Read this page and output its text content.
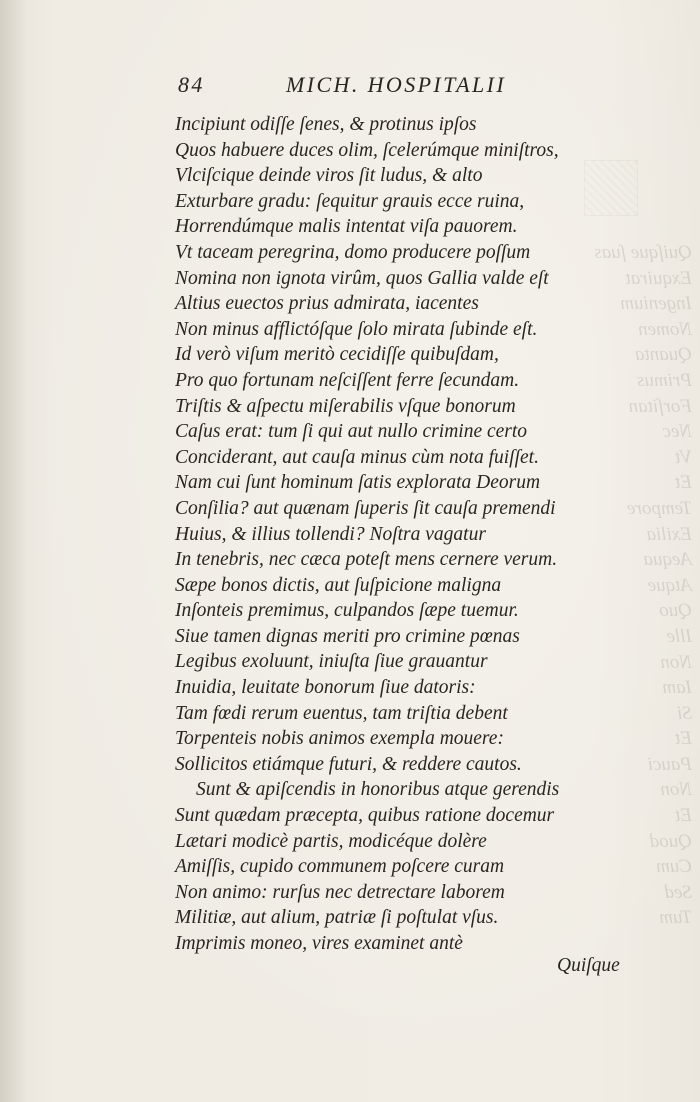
Quiſque ſuas
Exquirat
Ingenium
Nomen
Quanta
Primus
Forſitan
Nec
Vt
Et
Tempore
Exilia
Aequa
Atque
Quo
Ille
Non
Iam
Si
Et
Pauci
Non
Et
Quod
Cum
Sed
Tum
84	MICH. HOSPITALII
Incipiunt odiſſe ſenes, & protinus ipſos
Quos habuere duces olim, ſcelerúmque miniſtros,
Vlciſcique deinde viros ſit ludus, & alto
Exturbare gradu: ſequitur grauis ecce ruina,
Horrendúmque malis intentat viſa pauorem.
Vt taceam peregrina, domo producere poſſum
Nomina non ignota virûm, quos Gallia valde eſt
Altius euectos prius admirata, iacentes
Non minus afflictóſque ſolo mirata ſubinde eſt.
Id verò viſum meritò cecidiſſe quibuſdam,
Pro quo fortunam neſciſſent ferre ſecundam.
Triſtis & aſpectu miſerabilis vſque bonorum
Caſus erat: tum ſi qui aut nullo crimine certo
Conciderant, aut cauſa minus cùm nota fuiſſet.
Nam cui ſunt hominum ſatis explorata Deorum
Conſilia? aut quænam ſuperis ſit cauſa premendi
Huius, & illius tollendi? Noſtra vagatur
In tenebris, nec cæca poteſt mens cernere verum.
Sæpe bonos dictis, aut ſuſpicione maligna
Inſonteis premimus, culpandos ſæpe tuemur.
Siue tamen dignas meriti pro crimine pœnas
Legibus exoluunt, iniuſta ſiue grauantur
Inuidia, leuitate bonorum ſiue datoris:
Tam fœdi rerum euentus, tam triſtia debent
Torpenteis nobis animos exempla mouere:
Sollicitos etiámque futuri, & reddere cautos.
Sunt & apiſcendis in honoribus atque gerendis
Sunt quædam præcepta, quibus ratione docemur
Lætari modicè partis, modicéque dolère
Amiſſis, cupido communem poſcere curam
Non animo: rurſus nec detrectare laborem
Militiæ, aut alium, patriæ ſi poſtulat vſus.
Imprimis moneo, vires examinet antè
Quiſque
